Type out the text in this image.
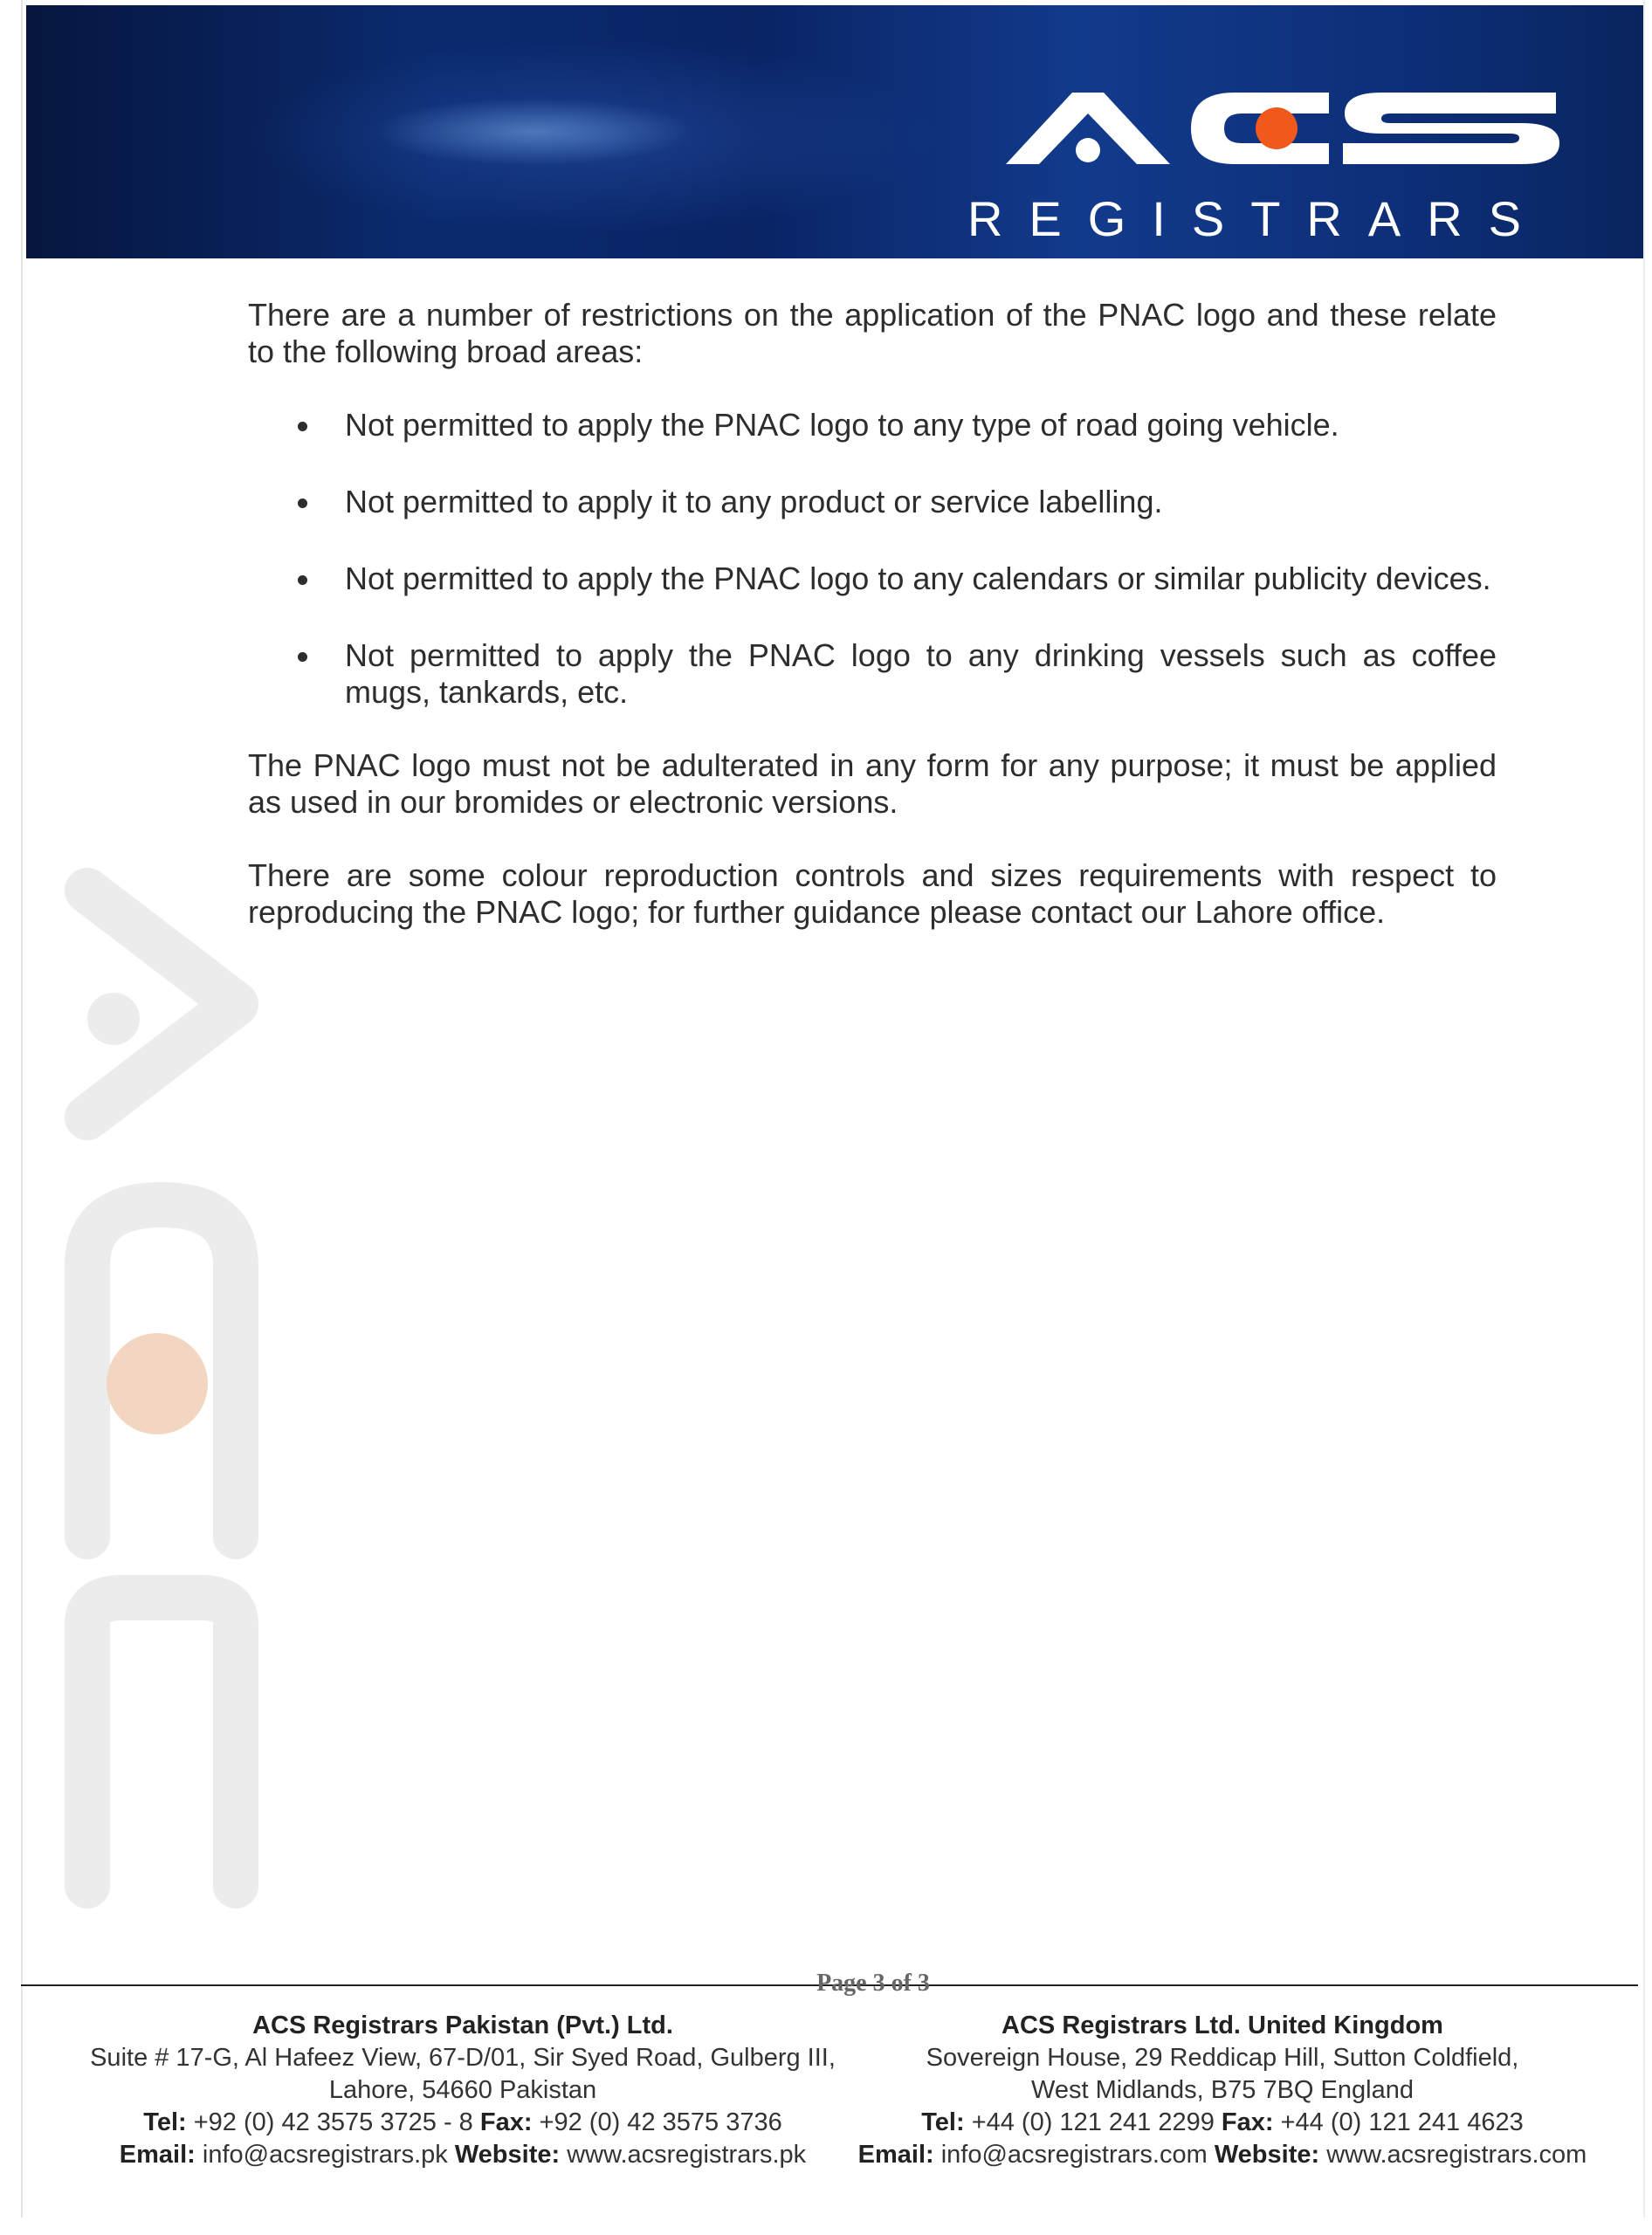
REGISTRARS

There are a number of restrictions on the application of the PNAC logo and these relate to the following broad areas:

Not permitted to apply the PNAC logo to any type of road going vehicle.
Not permitted to apply it to any product or service labelling.
Not permitted to apply the PNAC logo to any calendars or similar publicity devices.
Not permitted to apply the PNAC logo to any drinking vessels such as coffee mugs, tankards, etc.

The PNAC logo must not be adulterated in any form for any purpose; it must be applied as used in our bromides or electronic versions.

There are some colour reproduction controls and sizes requirements with respect to reproducing the PNAC logo; for further guidance please contact our Lahore office.

Page 3 of 3
ACS Registrars Pakistan (Pvt.) Ltd.
Suite # 17-G, Al Hafeez View, 67-D/01, Sir Syed Road, Gulberg III,
Lahore, 54660 Pakistan
Tel: +92 (0) 42 3575 3725 - 8 Fax: +92 (0) 42 3575 3736
Email: info@acsregistrars.pk Website: www.acsregistrars.pk
ACS Registrars Ltd. United Kingdom
Sovereign House, 29 Reddicap Hill, Sutton Coldfield,
West Midlands, B75 7BQ England
Tel: +44 (0) 121 241 2299 Fax: +44 (0) 121 241 4623
Email: info@acsregistrars.com Website: www.acsregistrars.com
